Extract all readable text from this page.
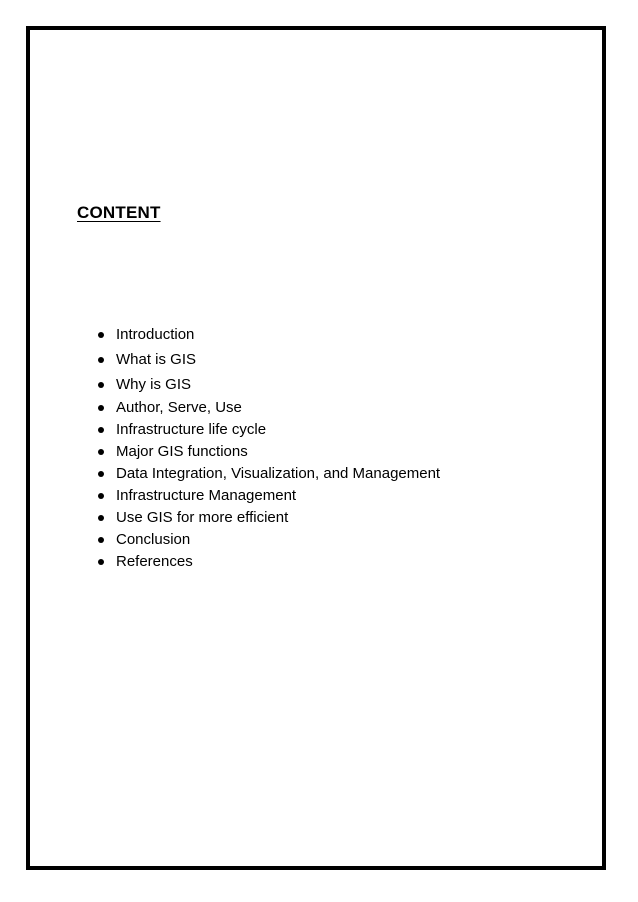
CONTENT
Introduction
What is GIS
Why is GIS
Author, Serve, Use
Infrastructure life cycle
Major GIS functions
Data Integration, Visualization, and Management
Infrastructure Management
Use GIS for more efficient
Conclusion
References
